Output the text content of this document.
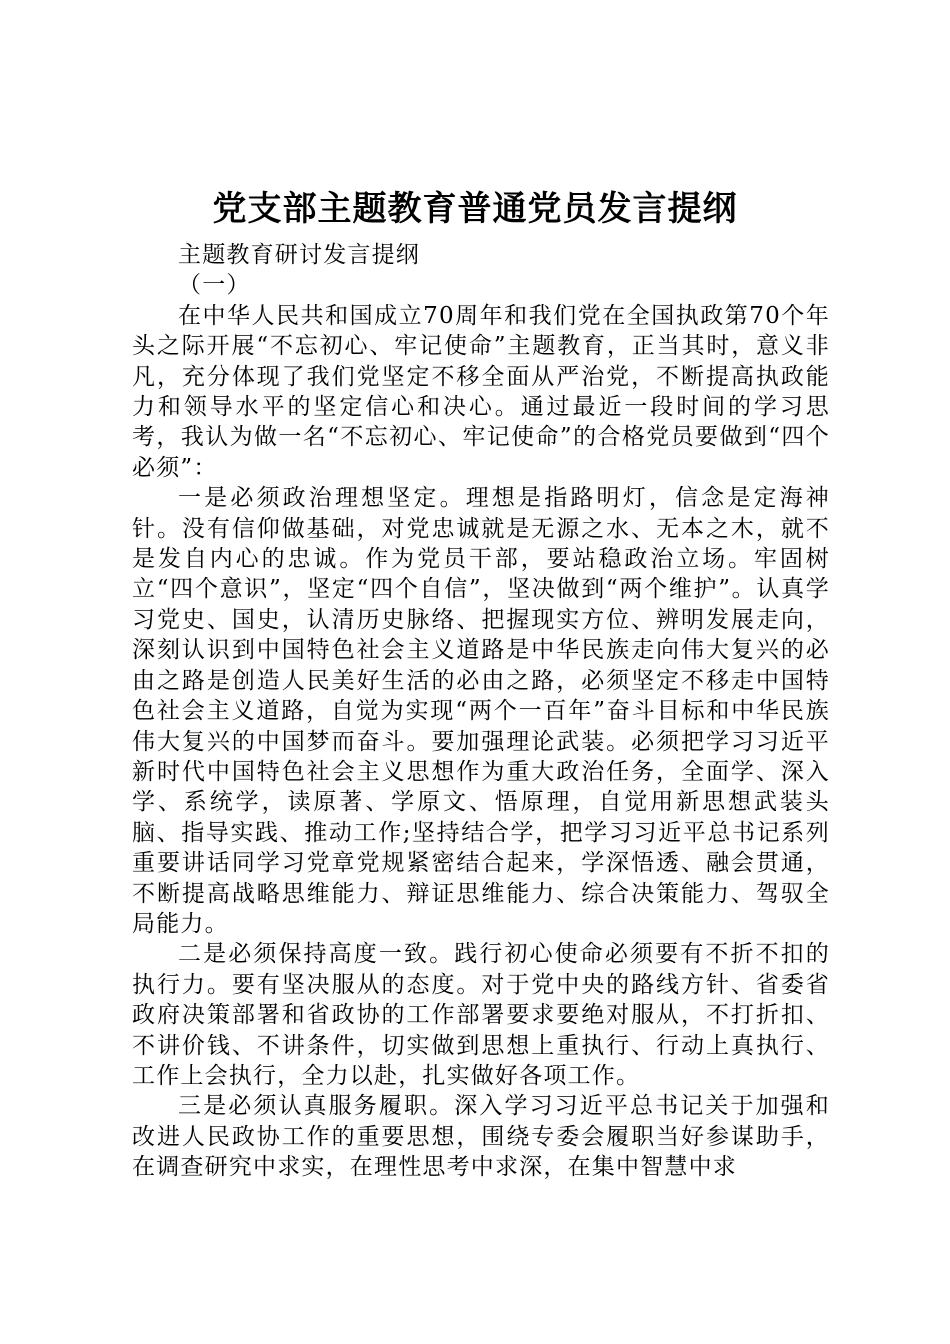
党支部主题教育普通党员发言提纲

主题教育研讨发言提纲

（一）

在中华人民共和国成立70周年和我们党在全国执政第70个年头之际开展“不忘初心、牢记使命”主题教育，正当其时，意义非凡，充分体现了我们党坚定不移全面从严治党，不断提高执政能力和领导水平的坚定信心和决心。通过最近一段时间的学习思考，我认为做一名“不忘初心、牢记使命”的合格党员要做到“四个必须”：

一是必须政治理想坚定。理想是指路明灯，信念是定海神针。没有信仰做基础，对党忠诚就是无源之水、无本之木，就不是发自内心的忠诚。作为党员干部，要站稳政治立场。牢固树立“四个意识”，坚定“四个自信”，坚决做到“两个维护”。认真学习党史、国史，认清历史脉络、把握现实方位、辨明发展走向，深刻认识到中国特色社会主义道路是中华民族走向伟大复兴的必由之路是创造人民美好生活的必由之路，必须坚定不移走中国特色社会主义道路，自觉为实现“两个一百年”奋斗目标和中华民族伟大复兴的中国梦而奋斗。要加强理论武装。必须把学习习近平新时代中国特色社会主义思想作为重大政治任务，全面学、深入学、系统学，读原著、学原文、悟原理，自觉用新思想武装头脑、指导实践、推动工作;坚持结合学，把学习习近平总书记系列重要讲话同学习党章党规紧密结合起来，学深悟透、融会贯通，不断提高战略思维能力、辩证思维能力、综合决策能力、驾驭全局能力。

二是必须保持高度一致。践行初心使命必须要有不折不扣的执行力。要有坚决服从的态度。对于党中央的路线方针、省委省政府决策部署和省政协的工作部署要求要绝对服从，不打折扣、不讲价钱、不讲条件，切实做到思想上重执行、行动上真执行、工作上会执行，全力以赴，扎实做好各项工作。

三是必须认真服务履职。深入学习习近平总书记关于加强和改进人民政协工作的重要思想，围绕专委会履职当好参谋助手，在调查研究中求实，在理性思考中求深，在集中智慧中求
